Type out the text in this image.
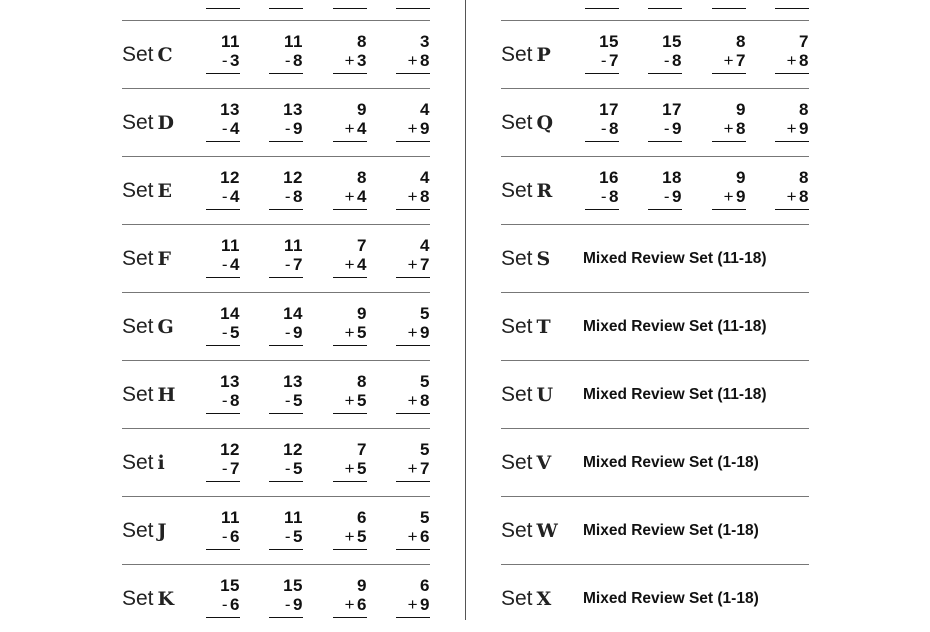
Set C
11
- 3
11
- 8
8
+ 3
3
+ 8
Set D
13
- 4
13
- 9
9
+ 4
4
+ 9
Set E
12
- 4
12
- 8
8
+ 4
4
+ 8
Set F
11
- 4
11
- 7
7
+ 4
4
+ 7
Set G
14
- 5
14
- 9
9
+ 5
5
+ 9
Set H
13
- 8
13
- 5
8
+ 5
5
+ 8
Set i
12
- 7
12
- 5
7
+ 5
5
+ 7
Set J
11
- 6
11
- 5
6
+ 5
5
+ 6
Set K
15
- 6
15
- 9
9
+ 6
6
+ 9
Set P
15
- 7
15
- 8
8
+ 7
7
+ 8
Set Q
17
- 8
17
- 9
9
+ 8
8
+ 9
Set R
16
- 8
18
- 9
9
+ 9
8
+ 8
Set S Mixed Review Set (11-18)
Set T Mixed Review Set (11-18)
Set U Mixed Review Set (11-18)
Set V Mixed Review Set (1-18)
Set W Mixed Review Set (1-18)
Set X Mixed Review Set (1-18)
